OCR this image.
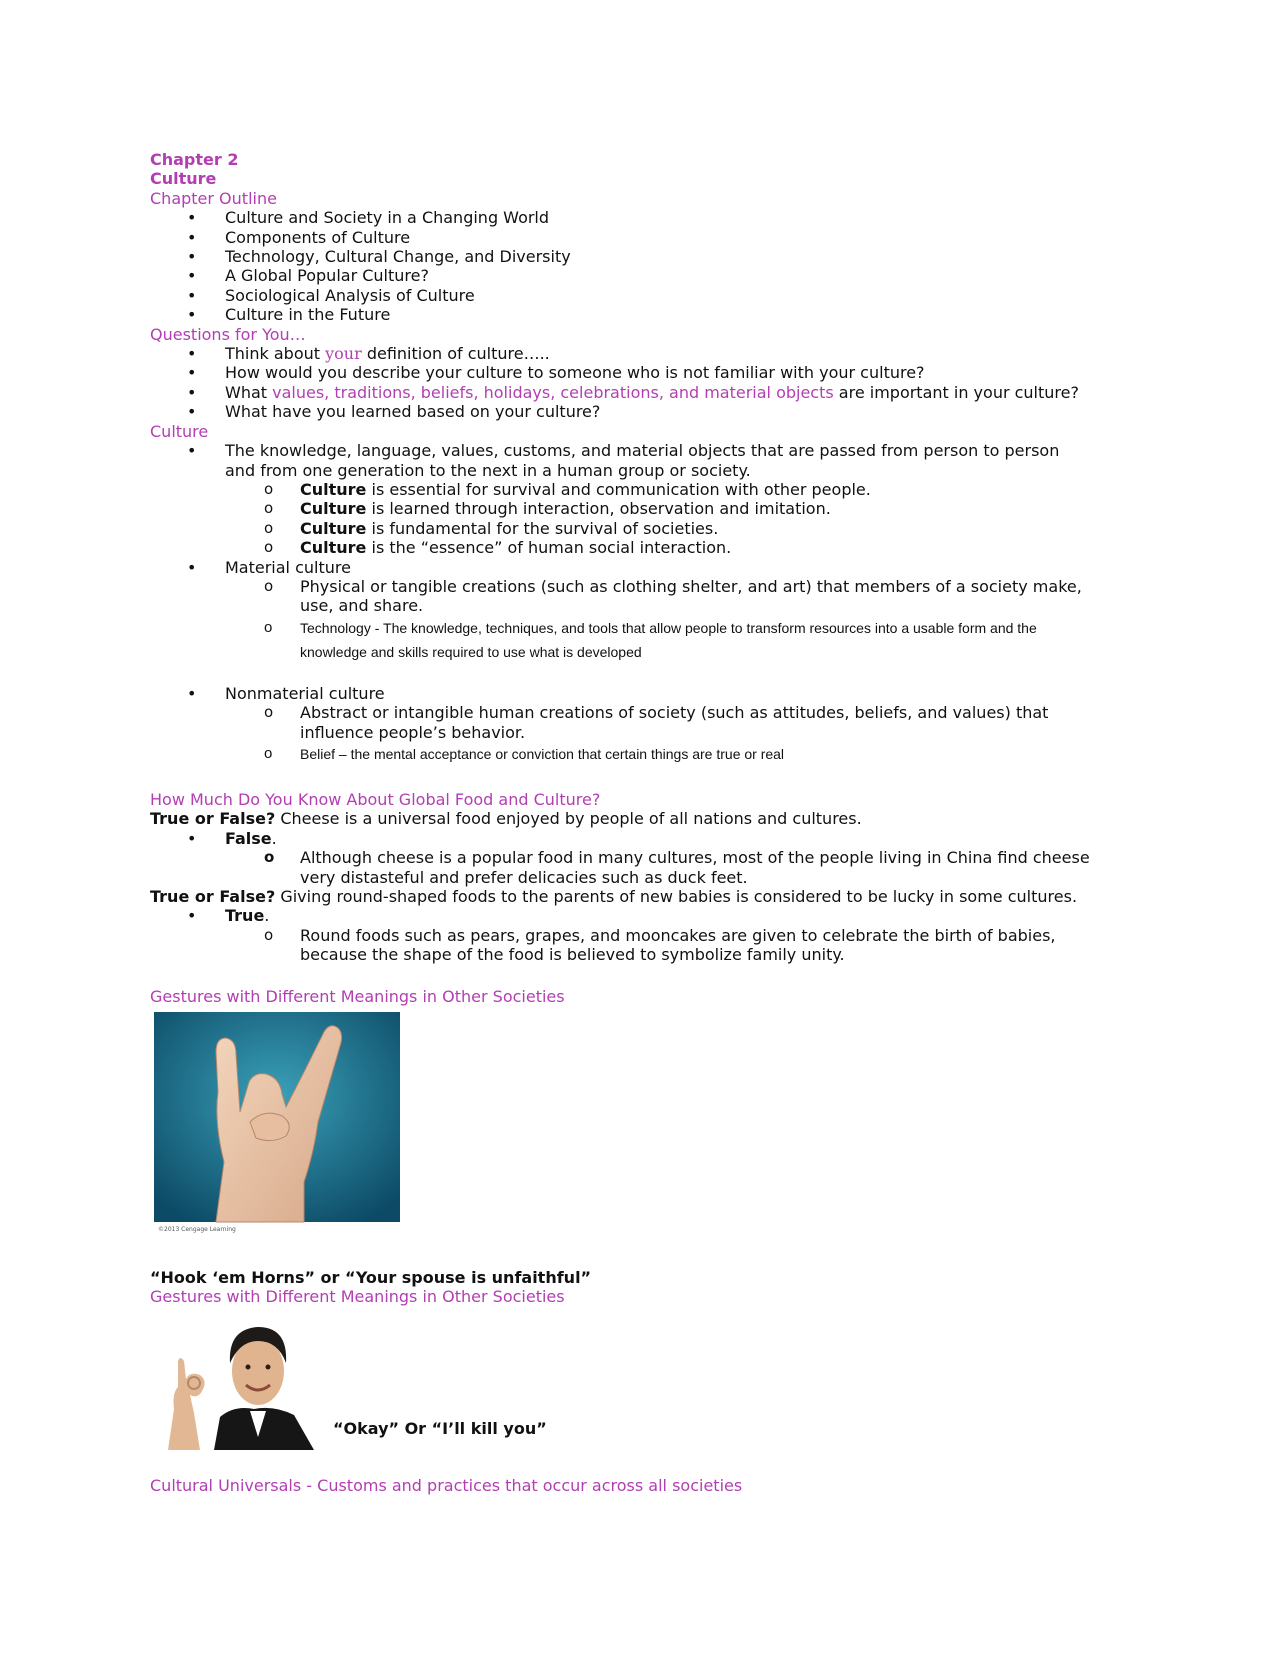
Chapter 2
Culture
Chapter Outline
• Culture and Society in a Changing World
• Components of Culture
• Technology, Cultural Change, and Diversity
• A Global Popular Culture?
• Sociological Analysis of Culture
• Culture in the Future
Questions for You…
• Think about your definition of culture…..
• How would you describe your culture to someone who is not familiar with your culture?
• What values, traditions, beliefs, holidays, celebrations, and material objects are important in your culture?
• What have you learned based on your culture?
Culture
• The knowledge, language, values, customs, and material objects that are passed from person to person
and from one generation to the next in a human group or society.
o Culture is essential for survival and communication with other people.
o Culture is learned through interaction, observation and imitation.
o Culture is fundamental for the survival of societies.
o Culture is the “essence” of human social interaction.
• Material culture
o Physical or tangible creations (such as clothing shelter, and art) that members of a society make,
use, and share.
o Technology - The knowledge, techniques, and tools that allow people to transform resources into a usable form and the
knowledge and skills required to use what is developed
• Nonmaterial culture
o Abstract or intangible human creations of society (such as attitudes, beliefs, and values) that
influence people’s behavior.
o Belief – the mental acceptance or conviction that certain things are true or real
How Much Do You Know About Global Food and Culture?
True or False? Cheese is a universal food enjoyed by people of all nations and cultures.
• False.
o Although cheese is a popular food in many cultures, most of the people living in China find cheese
very distasteful and prefer delicacies such as duck feet.
True or False? Giving round-shaped foods to the parents of new babies is considered to be lucky in some cultures.
• True.
o Round foods such as pears, grapes, and mooncakes are given to celebrate the birth of babies,
because the shape of the food is believed to symbolize family unity.
Gestures with Different Meanings in Other Societies
©2013 Cengage Learning
“Hook ‘em Horns” or “Your spouse is unfaithful”
Gestures with Different Meanings in Other Societies
“Okay” Or “I’ll kill you”
Cultural Universals - Customs and practices that occur across all societies
